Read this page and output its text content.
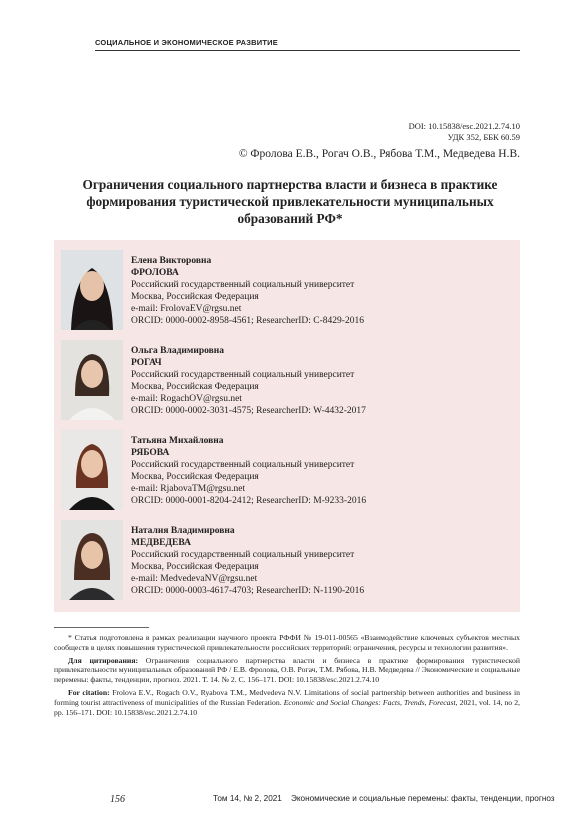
СОЦИАЛЬНОЕ И ЭКОНОМИЧЕСКОЕ РАЗВИТИЕ
DOI: 10.15838/esc.2021.2.74.10
УДК 352, ББК 60.59
© Фролова Е.В., Рогач О.В., Рябова Т.М., Медведева Н.В.
Ограничения социального партнерства власти и бизнеса в практике формирования туристической привлекательности муниципальных образований РФ*
Елена Викторовна
ФРОЛОВА
Российский государственный социальный университет
Москва, Российская Федерация
e-mail: FrolovaEV@rgsu.net
ORCID: 0000-0002-8958-4561; ResearcherID: C-8429-2016
Ольга Владимировна
РОГАЧ
Российский государственный социальный университет
Москва, Российская Федерация
e-mail: RogachOV@rgsu.net
ORCID: 0000-0002-3031-4575; ResearcherID: W-4432-2017
Татьяна Михайловна
РЯБОВА
Российский государственный социальный университет
Москва, Российская Федерация
e-mail: RjabovaTM@rgsu.net
ORCID: 0000-0001-8204-2412; ResearcherID: M-9233-2016
Наталия Владимировна
МЕДВЕДЕВА
Российский государственный социальный университет
Москва, Российская Федерация
e-mail: MedvedevaNV@rgsu.net
ORCID: 0000-0003-4617-4703; ResearcherID: N-1190-2016

* Статья подготовлена в рамках реализации научного проекта РФФИ № 19-011-00565 «Взаимодействие ключевых субъектов местных сообществ в целях повышения туристической привлекательности российских территорий: ограничения, ресурсы и технологии развития».

Для цитирования: Ограничения социального партнерства власти и бизнеса в практике формирования туристической привлекательности муниципальных образований РФ / Е.В. Фролова, О.В. Рогач, Т.М. Рябова, Н.В. Медведева // Экономические и социальные перемены: факты, тенденции, прогноз. 2021. Т. 14. № 2. С. 156–171. DOI: 10.15838/esc.2021.2.74.10

For citation: Frolova E.V., Rogach O.V., Ryabova T.M., Medvedeva N.V. Limitations of social partnership between authorities and business in forming tourist attractiveness of municipalities of the Russian Federation. Economic and Social Changes: Facts, Trends, Forecast, 2021, vol. 14, no 2, pp. 156–171. DOI: 10.15838/esc.2021.2.74.10

156	Том 14, № 2, 2021 Экономические и социальные перемены: факты, тенденции, прогноз
